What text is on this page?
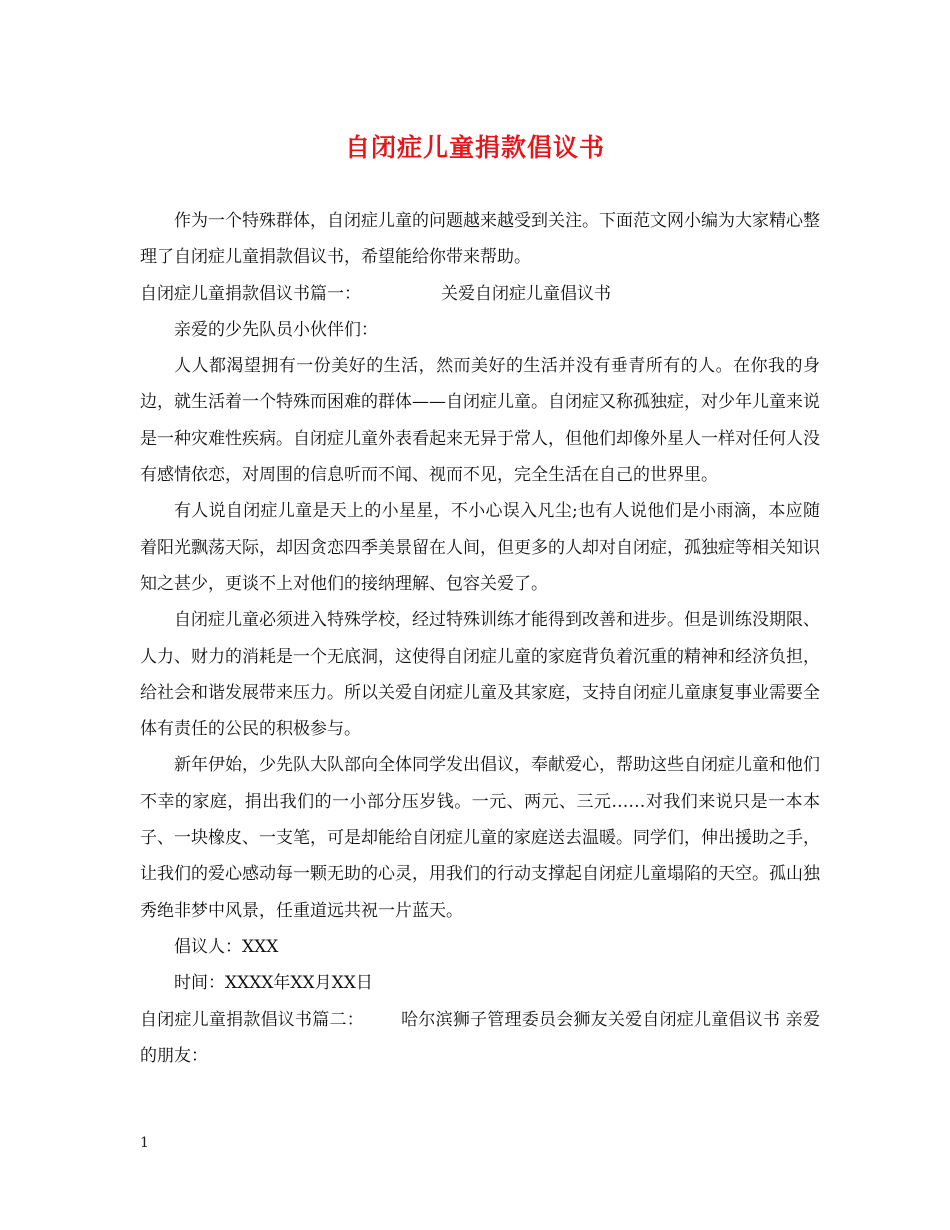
自闭症儿童捐款倡议书

作为一个特殊群体，自闭症儿童的问题越来越受到关注。下面范文网小编为大家精心整理了自闭症儿童捐款倡议书，希望能给你带来帮助。

自闭症儿童捐款倡议书篇一：	关爱自闭症儿童倡议书

亲爱的少先队员小伙伴们：

人人都渴望拥有一份美好的生活，然而美好的生活并没有垂青所有的人。在你我的身边，就生活着一个特殊而困难的群体——自闭症儿童。自闭症又称孤独症，对少年儿童来说是一种灾难性疾病。自闭症儿童外表看起来无异于常人，但他们却像外星人一样对任何人没有感情依恋，对周围的信息听而不闻、视而不见，完全生活在自己的世界里。

有人说自闭症儿童是天上的小星星，不小心误入凡尘;也有人说他们是小雨滴，本应随着阳光飘荡天际，却因贪恋四季美景留在人间，但更多的人却对自闭症，孤独症等相关知识知之甚少，更谈不上对他们的接纳理解、包容关爱了。

自闭症儿童必须进入特殊学校，经过特殊训练才能得到改善和进步。但是训练没期限、人力、财力的消耗是一个无底洞，这使得自闭症儿童的家庭背负着沉重的精神和经济负担，给社会和谐发展带来压力。所以关爱自闭症儿童及其家庭，支持自闭症儿童康复事业需要全体有责任的公民的积极参与。

新年伊始，少先队大队部向全体同学发出倡议，奉献爱心，帮助这些自闭症儿童和他们不幸的家庭，捐出我们的一小部分压岁钱。一元、两元、三元……对我们来说只是一本本子、一块橡皮、一支笔，可是却能给自闭症儿童的家庭送去温暖。同学们，伸出援助之手，让我们的爱心感动每一颗无助的心灵，用我们的行动支撑起自闭症儿童塌陷的天空。孤山独秀绝非梦中风景，任重道远共祝一片蓝天。

倡议人：XXX

时间：XXXX年XX月XX日

自闭症儿童捐款倡议书篇二： 哈尔滨狮子管理委员会狮友关爱自闭症儿童倡议书 亲爱的朋友：

1
